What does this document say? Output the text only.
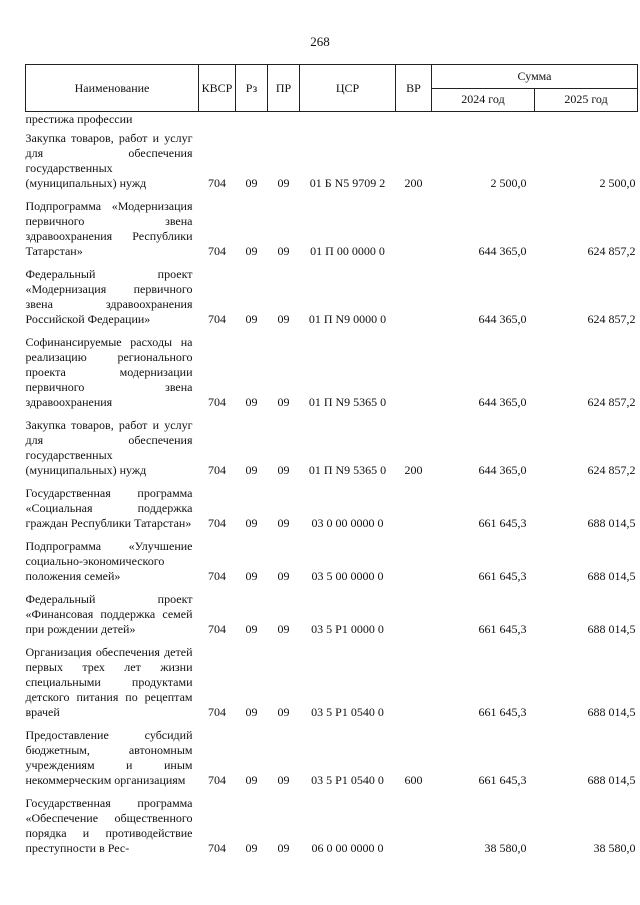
268
Наименование	КВСР	Рз	ПР	ЦСР	ВР	Сумма	
						2024 год	2025 год
престижа профессии							
Закупка товаров, работ и услуг для обеспечения государственных (муниципальных) нужд	704	09	09	01 Б N5 9709 2	200	2 500,0	2 500,0
Подпрограмма «Модернизация первичного звена здравоохранения Республики Татарстан»	704	09	09	01 П 00 0000 0		644 365,0	624 857,2
Федеральный проект «Модернизация первичного звена здравоохранения Российской Федерации»	704	09	09	01 П N9 0000 0		644 365,0	624 857,2
Софинансируемые расходы на реализацию регионального проекта модернизации первичного звена здравоохранения	704	09	09	01 П N9 5365 0		644 365,0	624 857,2
Закупка товаров, работ и услуг для обеспечения государственных (муниципальных) нужд	704	09	09	01 П N9 5365 0	200	644 365,0	624 857,2
Государственная программа «Социальная поддержка граждан Республики Татарстан»	704	09	09	03 0 00 0000 0		661 645,3	688 014,5
Подпрограмма «Улучшение социально-экономического положения семей»	704	09	09	03 5 00 0000 0		661 645,3	688 014,5
Федеральный проект «Финансовая поддержка семей при рождении детей»	704	09	09	03 5 P1 0000 0		661 645,3	688 014,5
Организация обеспечения детей первых трех лет жизни специальными продуктами детского питания по рецептам врачей	704	09	09	03 5 P1 0540 0		661 645,3	688 014,5
Предоставление субсидий бюджетным, автономным учреждениям и иным некоммерческим организациям	704	09	09	03 5 P1 0540 0	600	661 645,3	688 014,5
Государственная программа «Обеспечение общественного порядка и противодействие преступности в Рес-	704	09	09	06 0 00 0000 0		38 580,0	38 580,0
